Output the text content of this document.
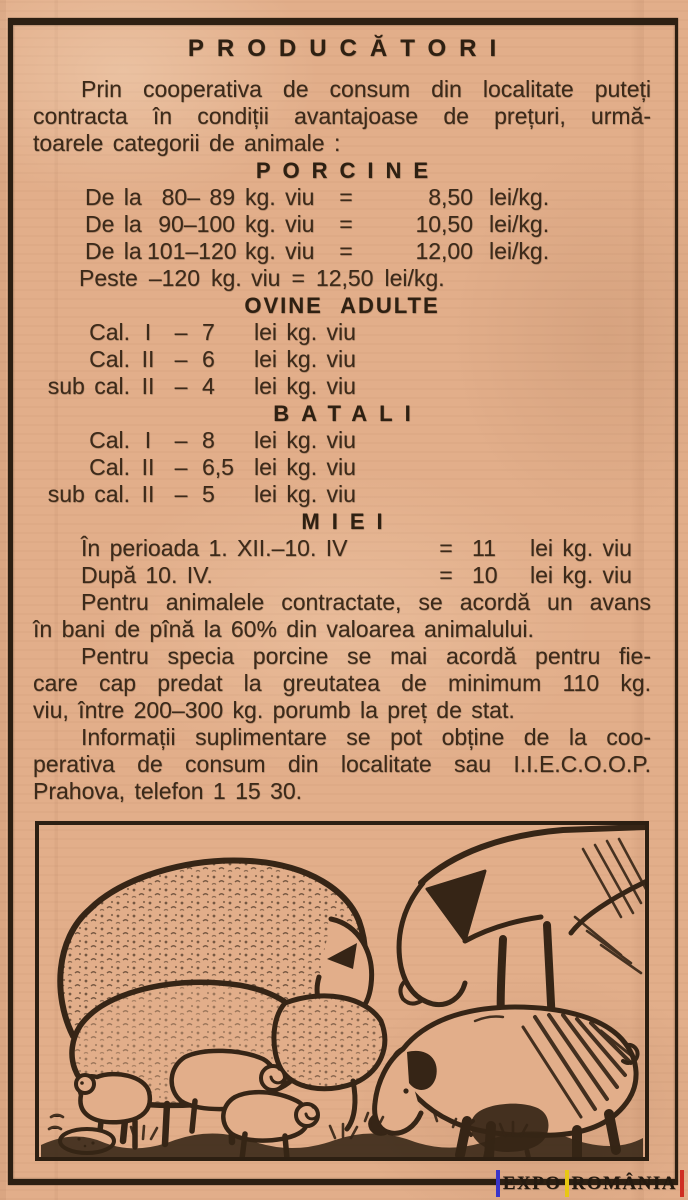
PRODUCĂTORI
Prin cooperativa de consum din localitate puteți
contracta în condiții avantajoase de prețuri, urmă-
toarele categorii de animale :
PORCINE
De la 80– 89 kg. viu	=	8,50 lei/kg.
De la 90–100 kg. viu	=	10,50 lei/kg.
De la 101–120 kg. viu	=	12,00 lei/kg.
Peste –120 kg. viu = 12,50 lei/kg.
OVINE ADULTE
Cal. I	– 7	lei kg. viu
Cal. II – 6	lei kg. viu
sub cal. II – 4	lei kg. viu
BATALI
Cal. I	– 8	lei kg. viu
Cal. II – 6,5 lei kg. viu
sub cal. II – 5	lei kg. viu
MIEI
În perioada 1. XII.–10. IV	= 11	lei kg. viu
După 10. IV.	= 10	lei kg. viu
Pentru animalele contractate, se acordă un avans
în bani de pînă la 60% din valoarea animalului.
Pentru specia porcine se mai acordă pentru fie-
care cap predat la greutatea de minimum 110 kg.
viu, între 200–300 kg. porumb la preț de stat.
Informații suplimentare se pot obține de la coo-
perativa de consum din localitate sau I.I.E.C.O.O.P.
Prahova, telefon 1 15 30.
EXPO ROMÂNIA
